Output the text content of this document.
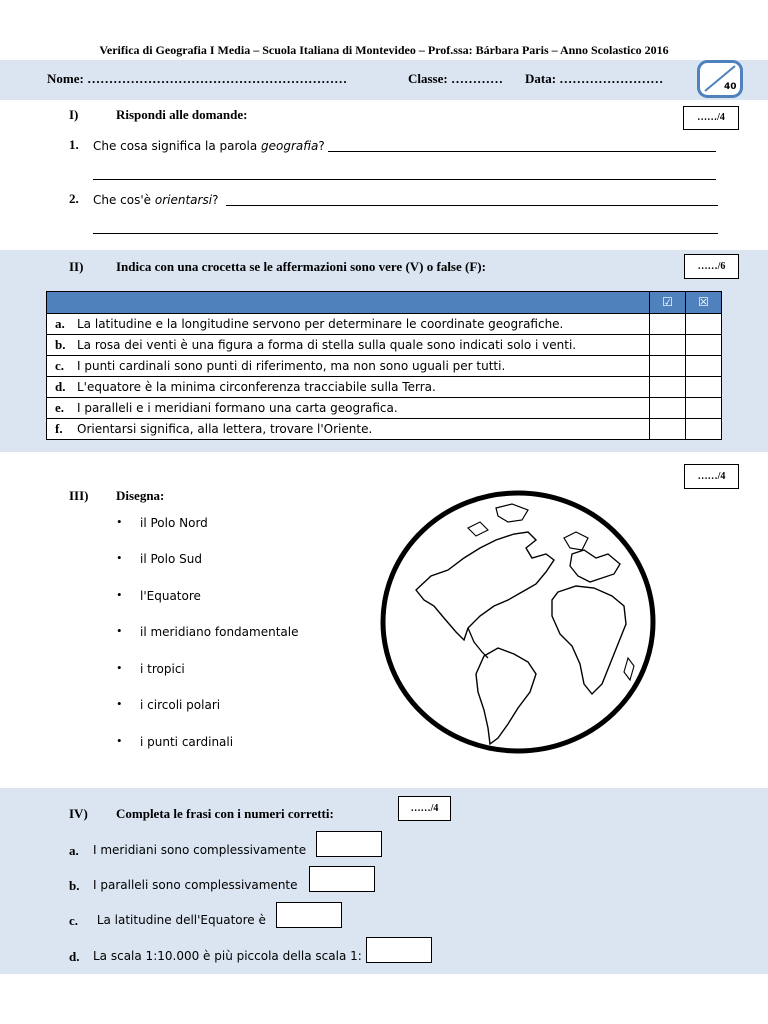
Verifica di Geografia I Media – Scuola Italiana di Montevideo – Prof.ssa: Bárbara Paris – Anno Scolastico 2016
Nome: ……………………………………………………	Classe: ………… Data: ……………………
40
I)	Rispondi alle domande:	……/4
1. Che cosa significa la parola geografia?
2. Che cos'è orientarsi?
II)	Indica con una crocetta se le affermazioni sono vere (V) o false (F):	……/6
	☑	☒
a. La latitudine e la longitudine servono per determinare le coordinate geografiche.		
b. La rosa dei venti è una figura a forma di stella sulla quale sono indicati solo i venti.		
c. I punti cardinali sono punti di riferimento, ma non sono uguali per tutti.		
d. L'equatore è la minima circonferenza tracciabile sulla Terra.		
e. I paralleli e i meridiani formano una carta geografica.		
f. Orientarsi significa, alla lettera, trovare l'Oriente.		
……/4
III) Disegna:
• il Polo Nord
• il Polo Sud
• l'Equatore
• il meridiano fondamentale
• i tropici
• i circoli polari
• i punti cardinali
IV) Completa le frasi con i numeri corretti:	……/4
a. I meridiani sono complessivamente
b. I paralleli sono complessivamente
c. La latitudine dell'Equatore è
d. La scala 1:10.000 è più piccola della scala 1:
